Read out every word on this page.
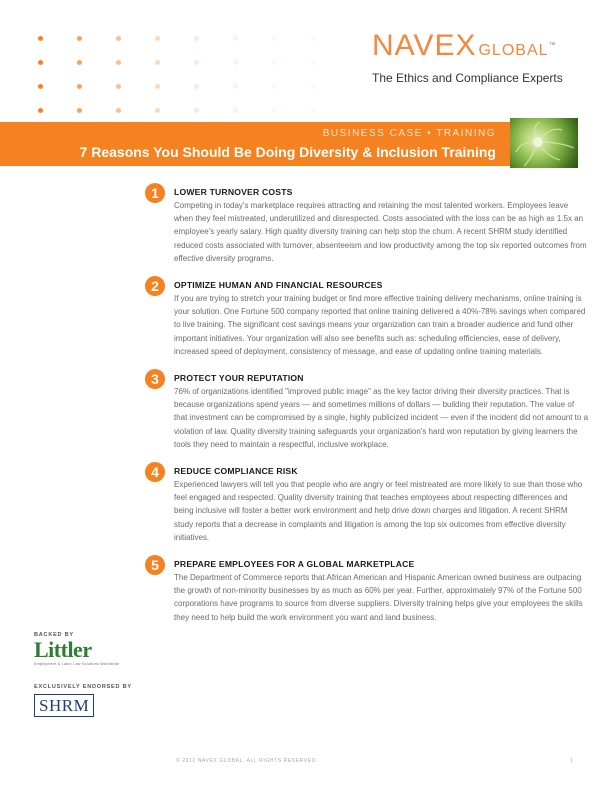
NAVEX GLOBAL™
The Ethics and Compliance Experts
BUSINESS CASE • TRAINING
7 Reasons You Should Be Doing Diversity & Inclusion Training
1	LOWER TURNOVER COSTS
Competing in today's marketplace requires attracting and retaining the most talented workers. Employees leave when they feel mistreated, underutilized and disrespected. Costs associated with the loss can be as high as 1.5x an employee's yearly salary. High quality diversity training can help stop the churn. A recent SHRM study identified reduced costs associated with turnover, absenteeism and low productivity among the top six reported outcomes from effective diversity programs.
2	OPTIMIZE HUMAN AND FINANCIAL RESOURCES
If you are trying to stretch your training budget or find more effective training delivery mechanisms, online training is your solution. One Fortune 500 company reported that online training delivered a 40%-78% savings when compared to live training. The significant cost savings means your organization can train a broader audience and fund other important initiatives. Your organization will also see benefits such as: scheduling efficiencies, ease of delivery, increased speed of deployment, consistency of message, and ease of updating online training materials.
3	PROTECT YOUR REPUTATION
76% of organizations identified "improved public image" as the key factor driving their diversity practices. That is because organizations spend years — and sometimes millions of dollars — building their reputation. The value of that investment can be compromised by a single, highly publicized incident — even if the incident did not amount to a violation of law. Quality diversity training safeguards your organization's hard won reputation by giving learners the tools they need to maintain a respectful, inclusive workplace.
4	REDUCE COMPLIANCE RISK
Experienced lawyers will tell you that people who are angry or feel mistreated are more likely to sue than those who feel engaged and respected. Quality diversity training that teaches employees about respecting differences and being inclusive will foster a better work environment and help drive down charges and litigation. A recent SHRM study reports that a decrease in complaints and litigation is among the top six outcomes from effective diversity initiatives.
5	PREPARE EMPLOYEES FOR A GLOBAL MARKETPLACE
The Department of Commerce reports that African American and Hispanic American owned business are outpacing the growth of non-minority businesses by as much as 60% per year. Further, approximately 97% of the Fortune 500 corporations have programs to source from diverse suppliers. Diversity training helps give your employees the skills they need to help build the work environment you want and land business.
BACKED BY
Littler
Employment & Labor Law Solutions Worldwide
EXCLUSIVELY ENDORSED BY
SHRM
© 2012 NAVEX GLOBAL. ALL RIGHTS RESERVED.	1
